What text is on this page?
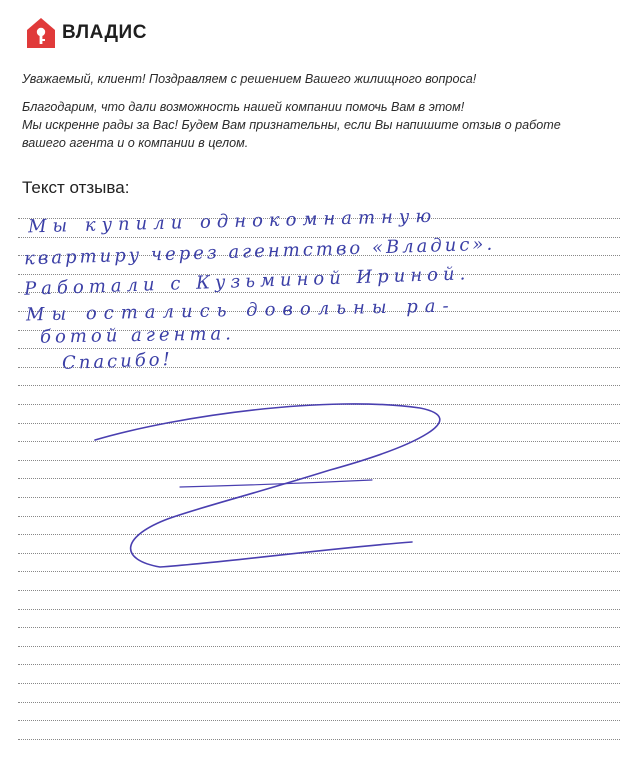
ВЛАДИС
Уважаемый, клиент! Поздравляем с решением Вашего жилищного вопроса!
Благодарим, что дали возможность нашей компании помочь Вам в этом!
Мы искренне рады за Вас! Будем Вам признательны, если Вы напишите отзыв о работе
вашего агента и о компании в целом.
Текст отзыва:
Мы купили однокомнатную
квартиру через агентство «Владис».
Работали с Кузьминой Ириной.
Мы остались довольны ра-
ботой агента.
Спасибо!
